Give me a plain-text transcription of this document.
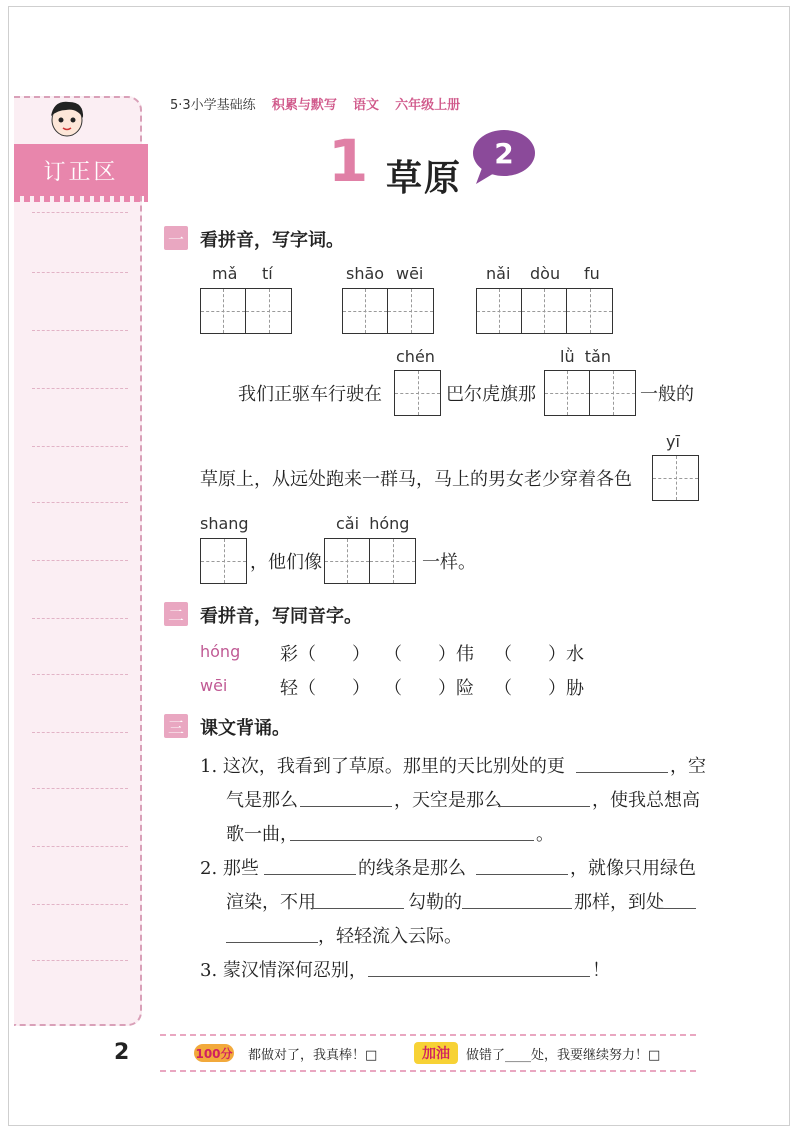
订正区
5·3小学基础练 积累与默写 语文 六年级上册
1 草原
2
一 看拼音，写字词。
mǎ tí	shāo wēi	nǎi dòu fu
我们正驱车行驶在
chén
巴尔虎旗那
lǜ  tǎn
一般的
草原上，从远处跑来一群马，马上的男女老少穿着各色
yī
shang
，他们像
cǎi  hóng
一样。
二 看拼音，写同音字。
hóng 彩（　　） （　　）伟 （　　）水
wēi	轻（　　） （　　）险 （　　）胁
三 课文背诵。
1. 这次，我看到了草原。那里的天比别处的更	，空
气是那么	，天空是那么	，使我总想高
歌一曲，	。
2. 那些	的线条是那么	，就像只用绿色
渲染，不用	勾勒的	那样，到处
，轻轻流入云际。
3. 蒙汉情深何忍别，	！
2	100分 都做对了，我真棒！□	加油	做错了____处，我要继续努力！□
